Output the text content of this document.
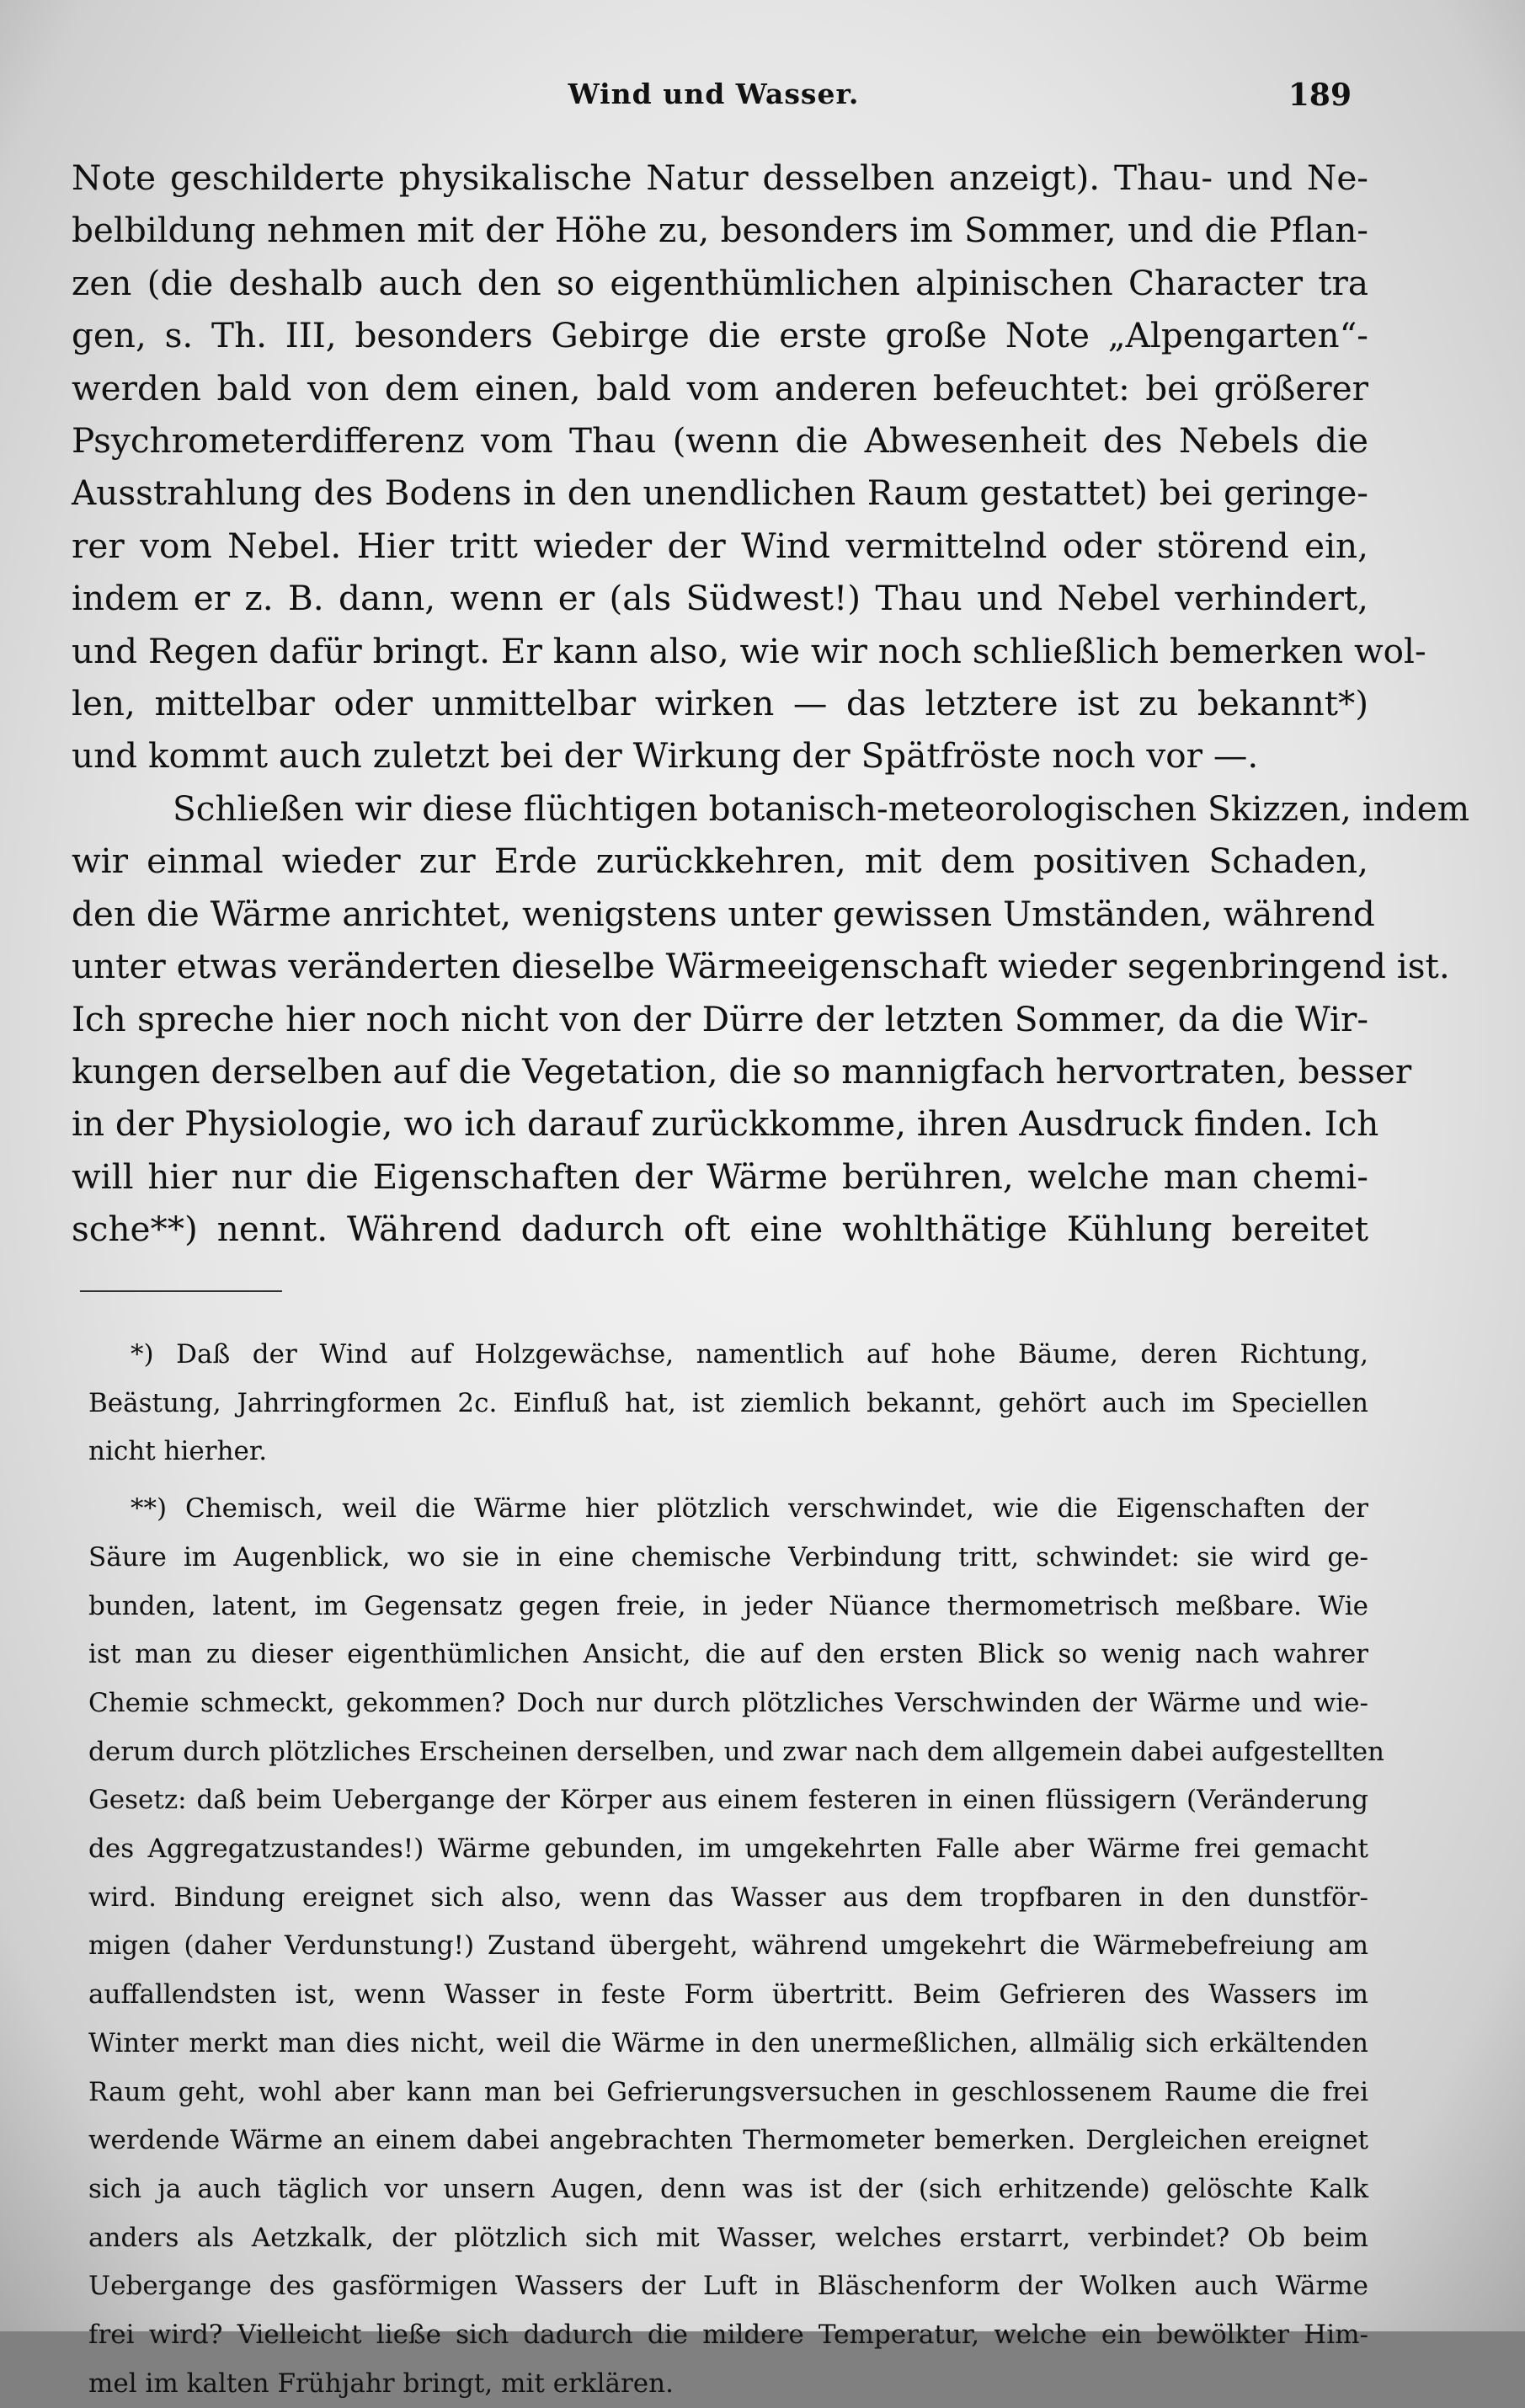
Wind und Wasser.	189
Note geschilderte physikalische Natur desselben anzeigt). Thau- und Ne-
belbildung nehmen mit der Höhe zu, besonders im Sommer, und die Pflan-
zen (die deshalb auch den so eigenthümlichen alpinischen Character tra
gen, s. Th. III, besonders Gebirge die erste große Note „Alpengarten“-
werden bald von dem einen, bald vom anderen befeuchtet: bei größerer
Psychrometerdifferenz vom Thau (wenn die Abwesenheit des Nebels die
Ausstrahlung des Bodens in den unendlichen Raum gestattet) bei geringe-
rer vom Nebel. Hier tritt wieder der Wind vermittelnd oder störend ein,
indem er z. B. dann, wenn er (als Südwest!) Thau und Nebel verhindert,
und Regen dafür bringt. Er kann also, wie wir noch schließlich bemerken wol-
len, mittelbar oder unmittelbar wirken — das letztere ist zu bekannt*)
und kommt auch zuletzt bei der Wirkung der Spätfröste noch vor —.
Schließen wir diese flüchtigen botanisch-meteorologischen Skizzen, indem
wir einmal wieder zur Erde zurückkehren, mit dem positiven Schaden,
den die Wärme anrichtet, wenigstens unter gewissen Umständen, während
unter etwas veränderten dieselbe Wärmeeigenschaft wieder segenbringend ist.
Ich spreche hier noch nicht von der Dürre der letzten Sommer, da die Wir-
kungen derselben auf die Vegetation, die so mannigfach hervortraten, besser
in der Physiologie, wo ich darauf zurückkomme, ihren Ausdruck finden. Ich
will hier nur die Eigenschaften der Wärme berühren, welche man chemi-
sche**) nennt. Während dadurch oft eine wohlthätige Kühlung bereitet
*) Daß der Wind auf Holzgewächse, namentlich auf hohe Bäume, deren Richtung,
Beästung, Jahrringformen 2c. Einfluß hat, ist ziemlich bekannt, gehört auch im Speciellen
nicht hierher.
**) Chemisch, weil die Wärme hier plötzlich verschwindet, wie die Eigenschaften der
Säure im Augenblick, wo sie in eine chemische Verbindung tritt, schwindet: sie wird ge-
bunden, latent, im Gegensatz gegen freie, in jeder Nüance thermometrisch meßbare. Wie
ist man zu dieser eigenthümlichen Ansicht, die auf den ersten Blick so wenig nach wahrer
Chemie schmeckt, gekommen? Doch nur durch plötzliches Verschwinden der Wärme und wie-
derum durch plötzliches Erscheinen derselben, und zwar nach dem allgemein dabei aufgestellten
Gesetz: daß beim Uebergange der Körper aus einem festeren in einen flüssigern (Veränderung
des Aggregatzustandes!) Wärme gebunden, im umgekehrten Falle aber Wärme frei gemacht
wird. Bindung ereignet sich also, wenn das Wasser aus dem tropfbaren in den dunstför-
migen (daher Verdunstung!) Zustand übergeht, während umgekehrt die Wärmebefreiung am
auffallendsten ist, wenn Wasser in feste Form übertritt. Beim Gefrieren des Wassers im
Winter merkt man dies nicht, weil die Wärme in den unermeßlichen, allmälig sich erkältenden
Raum geht, wohl aber kann man bei Gefrierungsversuchen in geschlossenem Raume die frei
werdende Wärme an einem dabei angebrachten Thermometer bemerken. Dergleichen ereignet
sich ja auch täglich vor unsern Augen, denn was ist der (sich erhitzende) gelöschte Kalk
anders als Aetzkalk, der plötzlich sich mit Wasser, welches erstarrt, verbindet? Ob beim
Uebergange des gasförmigen Wassers der Luft in Bläschenform der Wolken auch Wärme
frei wird? Vielleicht ließe sich dadurch die mildere Temperatur, welche ein bewölkter Him-
mel im kalten Frühjahr bringt, mit erklären.
